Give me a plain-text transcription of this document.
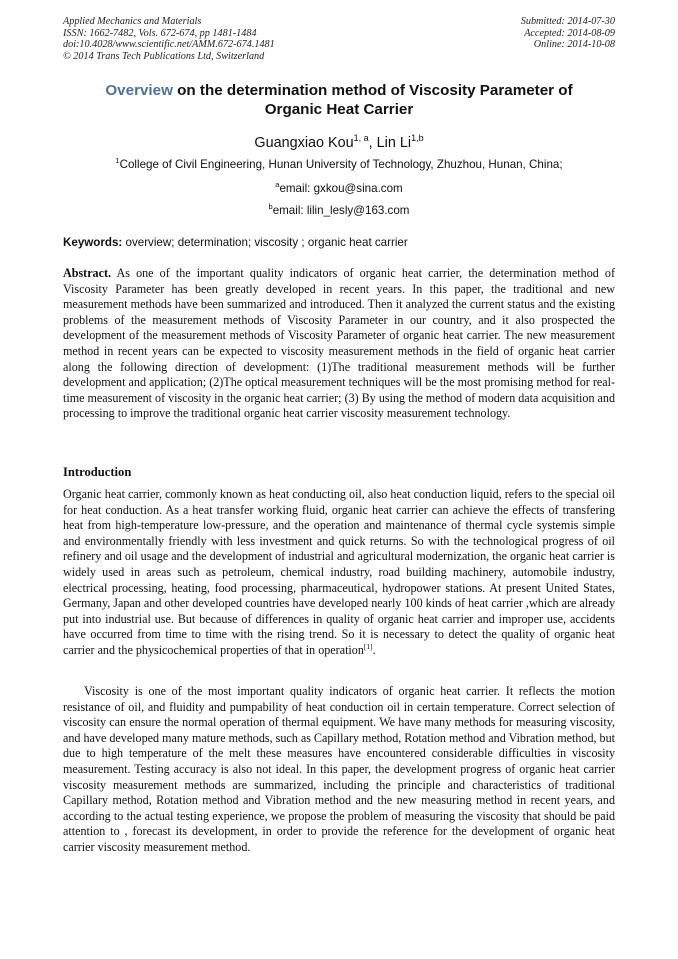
Applied Mechanics and Materials
ISSN: 1662-7482, Vols. 672-674, pp 1481-1484
doi:10.4028/www.scientific.net/AMM.672-674.1481
© 2014 Trans Tech Publications Ltd, Switzerland
Submitted: 2014-07-30
Accepted: 2014-08-09
Online: 2014-10-08
Overview on the determination method of Viscosity Parameter of
Organic Heat Carrier
Guangxiao Kou$^{1, a}$, Lin Li$^{1,b}$
$^1$College of Civil Engineering, Hunan University of Technology, Zhuzhou, Hunan, China;
$^a$email: gxkou@sina.com
$^b$email: lilin_lesly@163.com
Keywords: overview; determination; viscosity ; organic heat carrier

Abstract. As one of the important quality indicators of organic heat carrier, the determination method of Viscosity Parameter has been greatly developed in recent years. In this paper, the traditional and new measurement methods have been summarized and introduced. Then it analyzed the current status and the existing problems of the measurement methods of Viscosity Parameter in our country, and it also prospected the development of the measurement methods of Viscosity Parameter of organic heat carrier. The new measurement method in recent years can be expected to viscosity measurement methods in the field of organic heat carrier along the following direction of development: (1)The traditional measurement methods will be further development and application; (2)The optical measurement techniques will be the most promising method for real-time measurement of viscosity in the organic heat carrier; (3) By using the method of modern data acquisition and processing to improve the traditional organic heat carrier viscosity measurement technology.

Introduction

Organic heat carrier, commonly known as heat conducting oil, also heat conduction liquid, refers to the special oil for heat conduction. As a heat transfer working fluid, organic heat carrier can achieve the effects of transfering heat from high-temperature low-pressure, and the operation and maintenance of thermal cycle systemis simple and environmentally friendly with less investment and quick returns. So with the technological progress of oil refinery and oil usage and the development of industrial and agricultural modernization, the organic heat carrier is widely used in areas such as petroleum, chemical industry, road building machinery, automobile industry, electrical processing, heating, food processing, pharmaceutical, hydropower stations. At present United States, Germany, Japan and other developed countries have developed nearly 100 kinds of heat carrier ,which are already put into industrial use. But because of differences in quality of organic heat carrier and improper use, accidents have occurred from time to time with the rising trend. So it is necessary to detect the quality of organic heat carrier and the physicochemical properties of that in operation[1].

Viscosity is one of the most important quality indicators of organic heat carrier. It reflects the motion resistance of oil, and fluidity and pumpability of heat conduction oil in certain temperature. Correct selection of viscosity can ensure the normal operation of thermal equipment. We have many methods for measuring viscosity, and have developed many mature methods, such as Capillary method, Rotation method and Vibration method, but due to high temperature of the melt these measures have encountered considerable difficulties in viscosity measurement. Testing accuracy is also not ideal. In this paper, the development progress of organic heat carrier viscosity measurement methods are summarized, including the principle and characteristics of traditional Capillary method, Rotation method and Vibration method and the new measuring method in recent years, and according to the actual testing experience, we propose the problem of measuring the viscosity that should be paid attention to , forecast its development, in order to provide the reference for the development of organic heat carrier viscosity measurement method.
